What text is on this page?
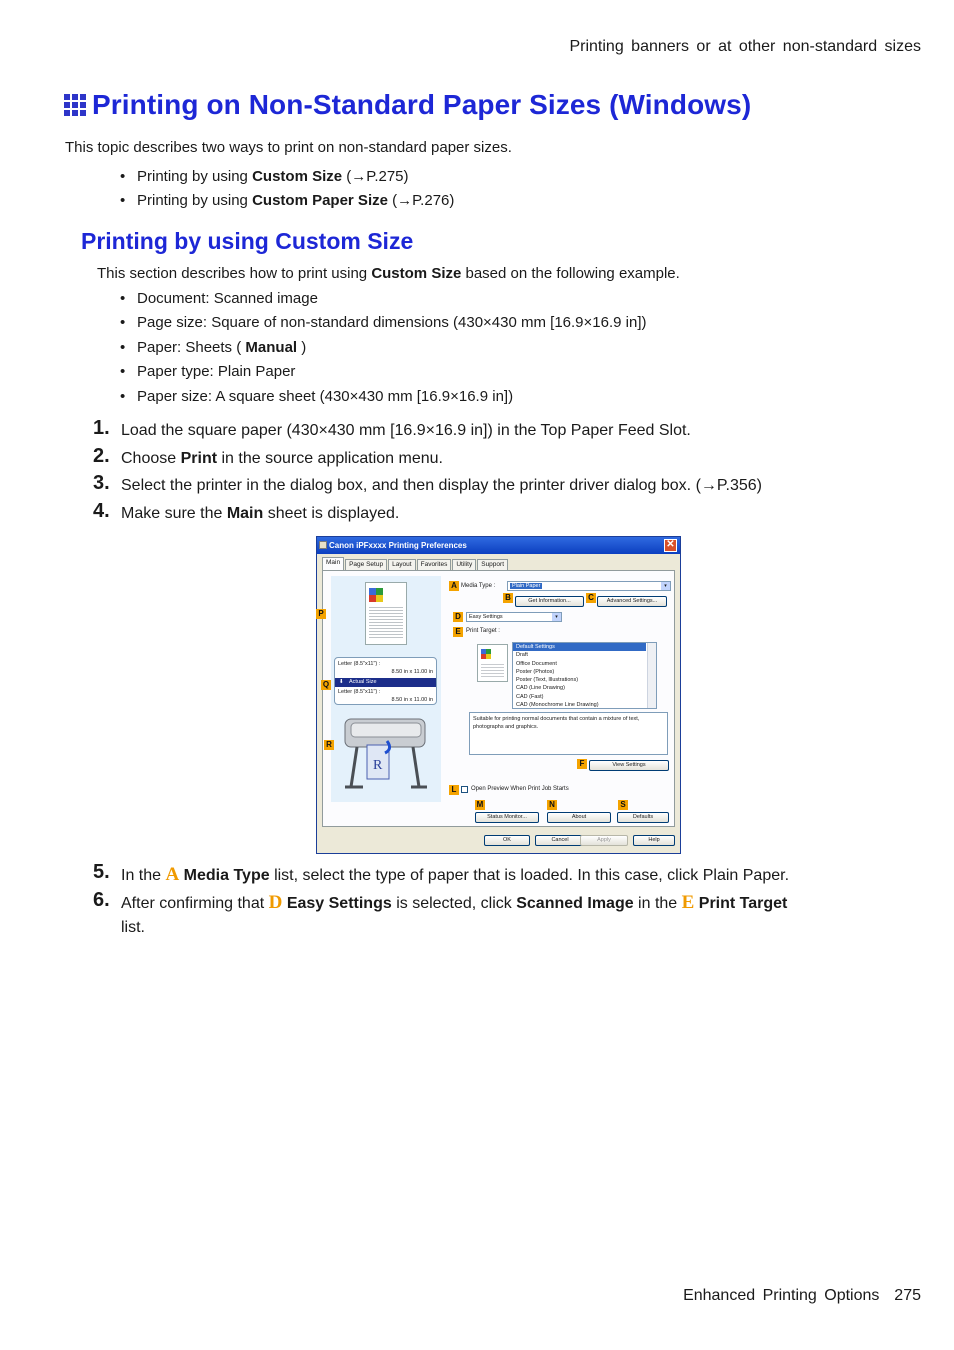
Printing banners or at other non-standard sizes
Printing on Non-Standard Paper Sizes (Windows)
This topic describes two ways to print on non-standard paper sizes.
• Printing by using Custom Size (→P.275)
• Printing by using Custom Paper Size (→P.276)
Printing by using Custom Size
This section describes how to print using Custom Size based on the following example.
• Document: Scanned image
• Page size: Square of non-standard dimensions (430×430 mm [16.9×16.9 in])
• Paper: Sheets ( Manual )
• Paper type: Plain Paper
• Paper size: A square sheet (430×430 mm [16.9×16.9 in])
1. Load the square paper (430×430 mm [16.9×16.9 in]) in the Top Paper Feed Slot.
2. Choose Print in the source application menu.
3. Select the printer in the dialog box, and then display the printer driver dialog box. (→P.356)
4. Make sure the Main sheet is displayed.
Canon iPFxxxx Printing Preferences	✕
Main	Page Setup	Layout	Favorites	Utility	Support
Letter (8.5"x11") :
8.50 in x 11.00 in
⬇ Actual Size
Letter (8.5"x11") :
8.50 in x 11.00 in
R
P
Q
R
A Media Type :	Plain Paper	▾
B	Get Information...	C	Advanced Settings...
D	Easy Settings	▾
E Print Target :
Default Settings
Draft
Office Document
Poster (Photos)
Poster (Text, Illustrations)
CAD (Line Drawing)
CAD (Fast)
CAD (Monochrome Line Drawing)
Suitable for printing normal documents that contain a mixture of text, photographs and graphics.
F	View Settings
L	Open Preview When Print Job Starts
M	N	S
Status Monitor...	About	Defaults
OK	Cancel	Apply	Help
5. In the A Media Type list, select the type of paper that is loaded. In this case, click Plain Paper.
6. After confirming that D Easy Settings is selected, click Scanned Image in the E Print Target
list.
Enhanced Printing Options 275
